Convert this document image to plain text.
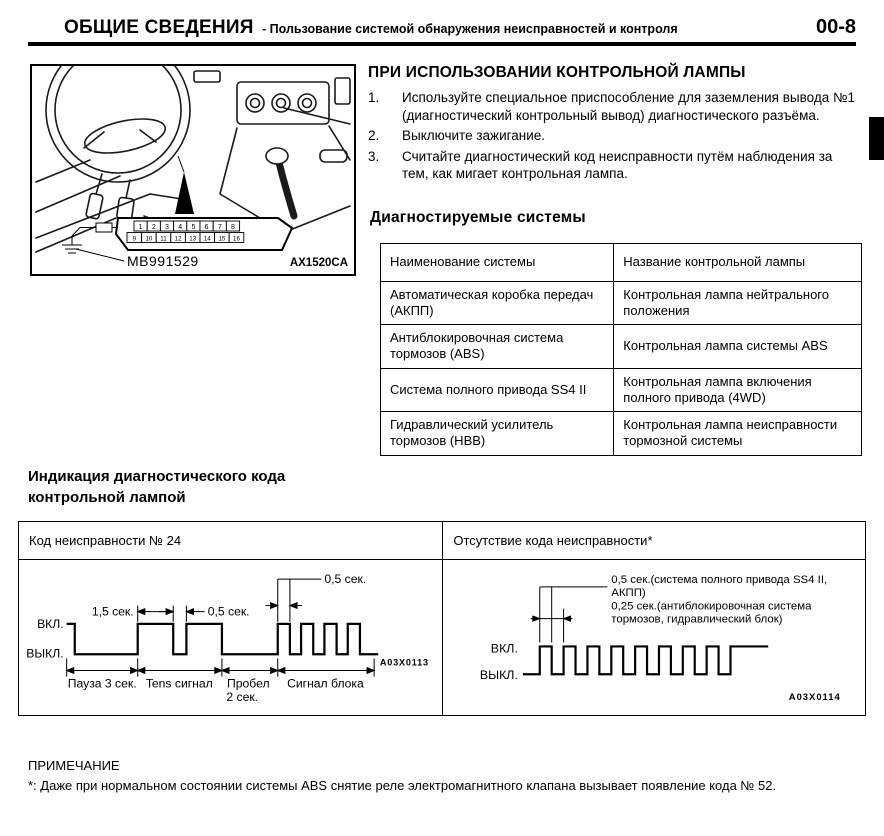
ОБЩИЕ СВЕДЕНИЯ - Пользование системой обнаружения неисправностей и контроля	00-8
1 2 3 4 5 6 7 8
9 10 11 12 13 14 15 16
MB991529	AX1520CA
ПРИ ИСПОЛЬЗОВАНИИ КОНТРОЛЬНОЙ ЛАМПЫ
1.	Используйте специальное приспособление для заземления вывода №1 (диагностический контрольный вывод) диагностического разъёма.
2.	Выключите зажигание.
3.	Считайте диагностический код неисправности путём наблюдения за тем, как мигает контрольная лампа.
Диагностируемые системы
Наименование системы	Название контрольной лампы
Автоматическая коробка передач (АКПП)	Контрольная лампа нейтрального положения
Антиблокировочная система тормозов (ABS)	Контрольная лампа системы ABS
Система полного привода SS4 II	Контрольная лампа включения полного привода (4WD)
Гидравлический усилитель тормозов (HBB)	Контрольная лампа неисправности тормозной системы
Индикация диагностического кода
контрольной лампой
Код неисправности № 24	Отсутствие кода неисправности*

ВКЛ.
ВЫКЛ.
1,5 сек.	0,5 сек.
0,5 сек.
Пауза 3 сек. Tens сигнал Пробел
2 сек.
Сигнал блока
A03X0113

0,5 сек.(система полного привода SS4 II,
АКПП)
0,25 сек.(антиблокировочная система
тормозов, гидравлический блок)
ВКЛ.
ВЫКЛ.
A03X0114
ПРИМЕЧАНИЕ
*: Даже при нормальном состоянии системы ABS снятие реле электромагнитного клапана вызывает появление кода № 52.
